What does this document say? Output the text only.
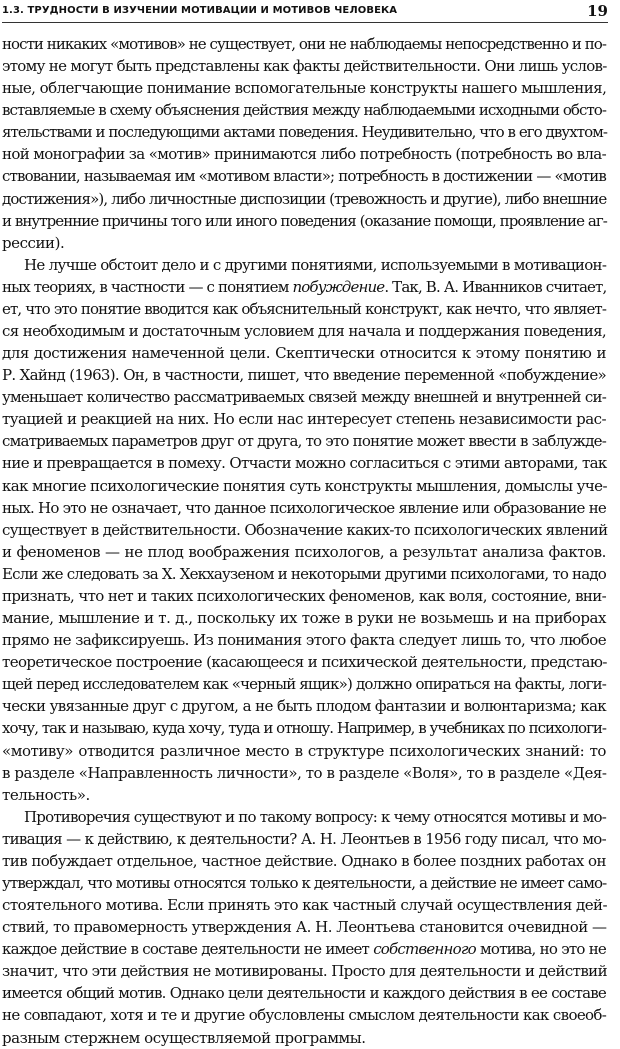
1.3. ТРУДНОСТИ В ИЗУЧЕНИИ МОТИВАЦИИ И МОТИВОВ ЧЕЛОВЕКА	19
ности никаких «мотивов» не существует, они не наблюдаемы непосредственно и по-
этому не могут быть представлены как факты действительности. Они лишь услов-
ные, облегчающие понимание вспомогательные конструкты нашего мышления,
вставляемые в схему объяснения действия между наблюдаемыми исходными обсто-
ятельствами и последующими актами поведения. Неудивительно, что в его двухтом-
ной монографии за «мотив» принимаются либо потребность (потребность во вла-
ствовании, называемая им «мотивом власти»; потребность в достижении — «мотив
достижения»), либо личностные диспозиции (тревожность и другие), либо внешние
и внутренние причины того или иного поведения (оказание помощи, проявление аг-
рессии).
Не лучше обстоит дело и с другими понятиями, используемыми в мотивацион-
ных теориях, в частности — с понятием побуждение. Так, В. А. Иванников считает,
ет, что это понятие вводится как объяснительный конструкт, как нечто, что являет-
ся необходимым и достаточным условием для начала и поддержания поведения,
для достижения намеченной цели. Скептически относится к этому понятию и
Р. Хайнд (1963). Он, в частности, пишет, что введение переменной «побуждение»
уменьшает количество рассматриваемых связей между внешней и внутренней си-
туацией и реакцией на них. Но если нас интересует степень независимости рас-
сматриваемых параметров друг от друга, то это понятие может ввести в заблужде-
ние и превращается в помеху. Отчасти можно согласиться с этими авторами, так
как многие психологические понятия суть конструкты мышления, домыслы уче-
ных. Но это не означает, что данное психологическое явление или образование не
существует в действительности. Обозначение каких-то психологических явлений
и феноменов — не плод воображения психологов, а результат анализа фактов.
Если же следовать за Х. Хекхаузеном и некоторыми другими психологами, то надо
признать, что нет и таких психологических феноменов, как воля, состояние, вни-
мание, мышление и т. д., поскольку их тоже в руки не возьмешь и на приборах
прямо не зафиксируешь. Из понимания этого факта следует лишь то, что любое
теоретическое построение (касающееся и психической деятельности, предстаю-
щей перед исследователем как «черный ящик») должно опираться на факты, логи-
чески увязанные друг с другом, а не быть плодом фантазии и волюнтаризма; как
хочу, так и называю, куда хочу, туда и отношу. Например, в учебниках по психологи-
«мотиву» отводится различное место в структуре психологических знаний: то
в разделе «Направленность личности», то в разделе «Воля», то в разделе «Дея-
тельность».
Противоречия существуют и по такому вопросу: к чему относятся мотивы и мо-
тивация — к действию, к деятельности? А. Н. Леонтьев в 1956 году писал, что мо-
тив побуждает отдельное, частное действие. Однако в более поздних работах он
утверждал, что мотивы относятся только к деятельности, а действие не имеет само-
стоятельного мотива. Если принять это как частный случай осуществления дей-
ствий, то правомерность утверждения А. Н. Леонтьева становится очевидной —
каждое действие в составе деятельности не имеет собственного мотива, но это не
значит, что эти действия не мотивированы. Просто для деятельности и действий
имеется общий мотив. Однако цели деятельности и каждого действия в ее составе
не совпадают, хотя и те и другие обусловлены смыслом деятельности как своеоб-
разным стержнем осуществляемой программы.
